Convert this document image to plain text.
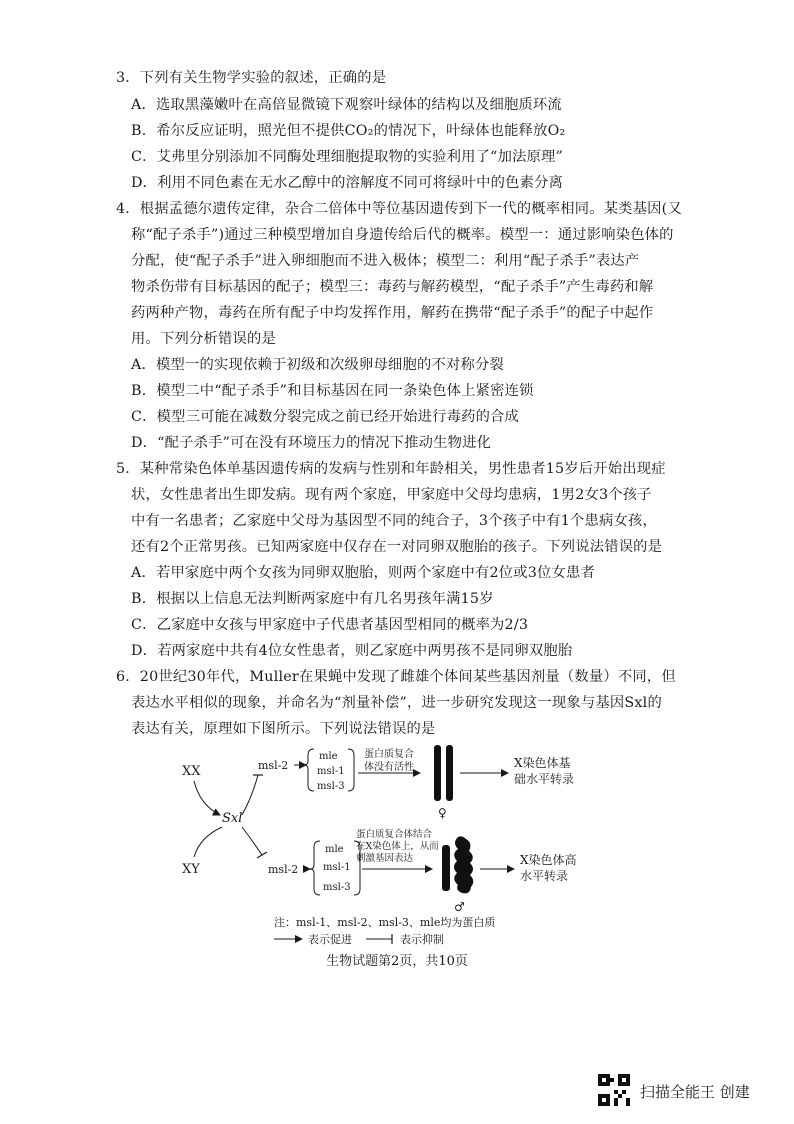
3．下列有关生物学实验的叙述，正确的是
A．选取黑藻嫩叶在高倍显微镜下观察叶绿体的结构以及细胞质环流
B．希尔反应证明，照光但不提供CO₂的情况下，叶绿体也能释放O₂
C．艾弗里分别添加不同酶处理细胞提取物的实验利用了“加法原理”
D．利用不同色素在无水乙醇中的溶解度不同可将绿叶中的色素分离
4．根据孟德尔遗传定律，杂合二倍体中等位基因遗传到下一代的概率相同。某类基因(又
称“配子杀手”)通过三种模型增加自身遗传给后代的概率。模型一：通过影响染色体的
分配，使“配子杀手”进入卵细胞而不进入极体；模型二：利用“配子杀手”表达产
物杀伤带有目标基因的配子；模型三：毒药与解药模型，“配子杀手”产生毒药和解
药两种产物，毒药在所有配子中均发挥作用，解药在携带“配子杀手”的配子中起作
用。下列分析错误的是
A．模型一的实现依赖于初级和次级卵母细胞的不对称分裂
B．模型二中“配子杀手”和目标基因在同一条染色体上紧密连锁
C．模型三可能在减数分裂完成之前已经开始进行毒药的合成
D．“配子杀手”可在没有环境压力的情况下推动生物进化
5．某种常染色体单基因遗传病的发病与性别和年龄相关，男性患者15岁后开始出现症
状，女性患者出生即发病。现有两个家庭，甲家庭中父母均患病，1男2女3个孩子
中有一名患者；乙家庭中父母为基因型不同的纯合子，3个孩子中有1个患病女孩，
还有2个正常男孩。已知两家庭中仅存在一对同卵双胞胎的孩子。下列说法错误的是
A．若甲家庭中两个女孩为同卵双胞胎，则两个家庭中有2位或3位女患者
B．根据以上信息无法判断两家庭中有几名男孩年满15岁
C．乙家庭中女孩与甲家庭中子代患者基因型相同的概率为2/3
D．若两家庭中共有4位女性患者，则乙家庭中两男孩不是同卵双胞胎
6．20世纪30年代，Muller在果蝇中发现了雌雄个体间某些基因剂量（数量）不同，但
表达水平相似的现象，并命名为“剂量补偿”，进一步研究发现这一现象与基因Sxl的
表达有关，原理如下图所示。下列说法错误的是
XX
XY
Sxl
msl-2
mle
msl-1
msl-3
蛋白质复合
体没有活性
♀
X染色体基
础水平转录
msl-2
mle
msl-1
msl-3
蛋白质复合体结合
在X染色体上，从而
刺激基因表达
♂
X染色体高
水平转录
注：msl-1、msl-2、msl-3、mle均为蛋白质
表示促进	表示抑制
生物试题第2页，共10页
扫描全能王 创建
